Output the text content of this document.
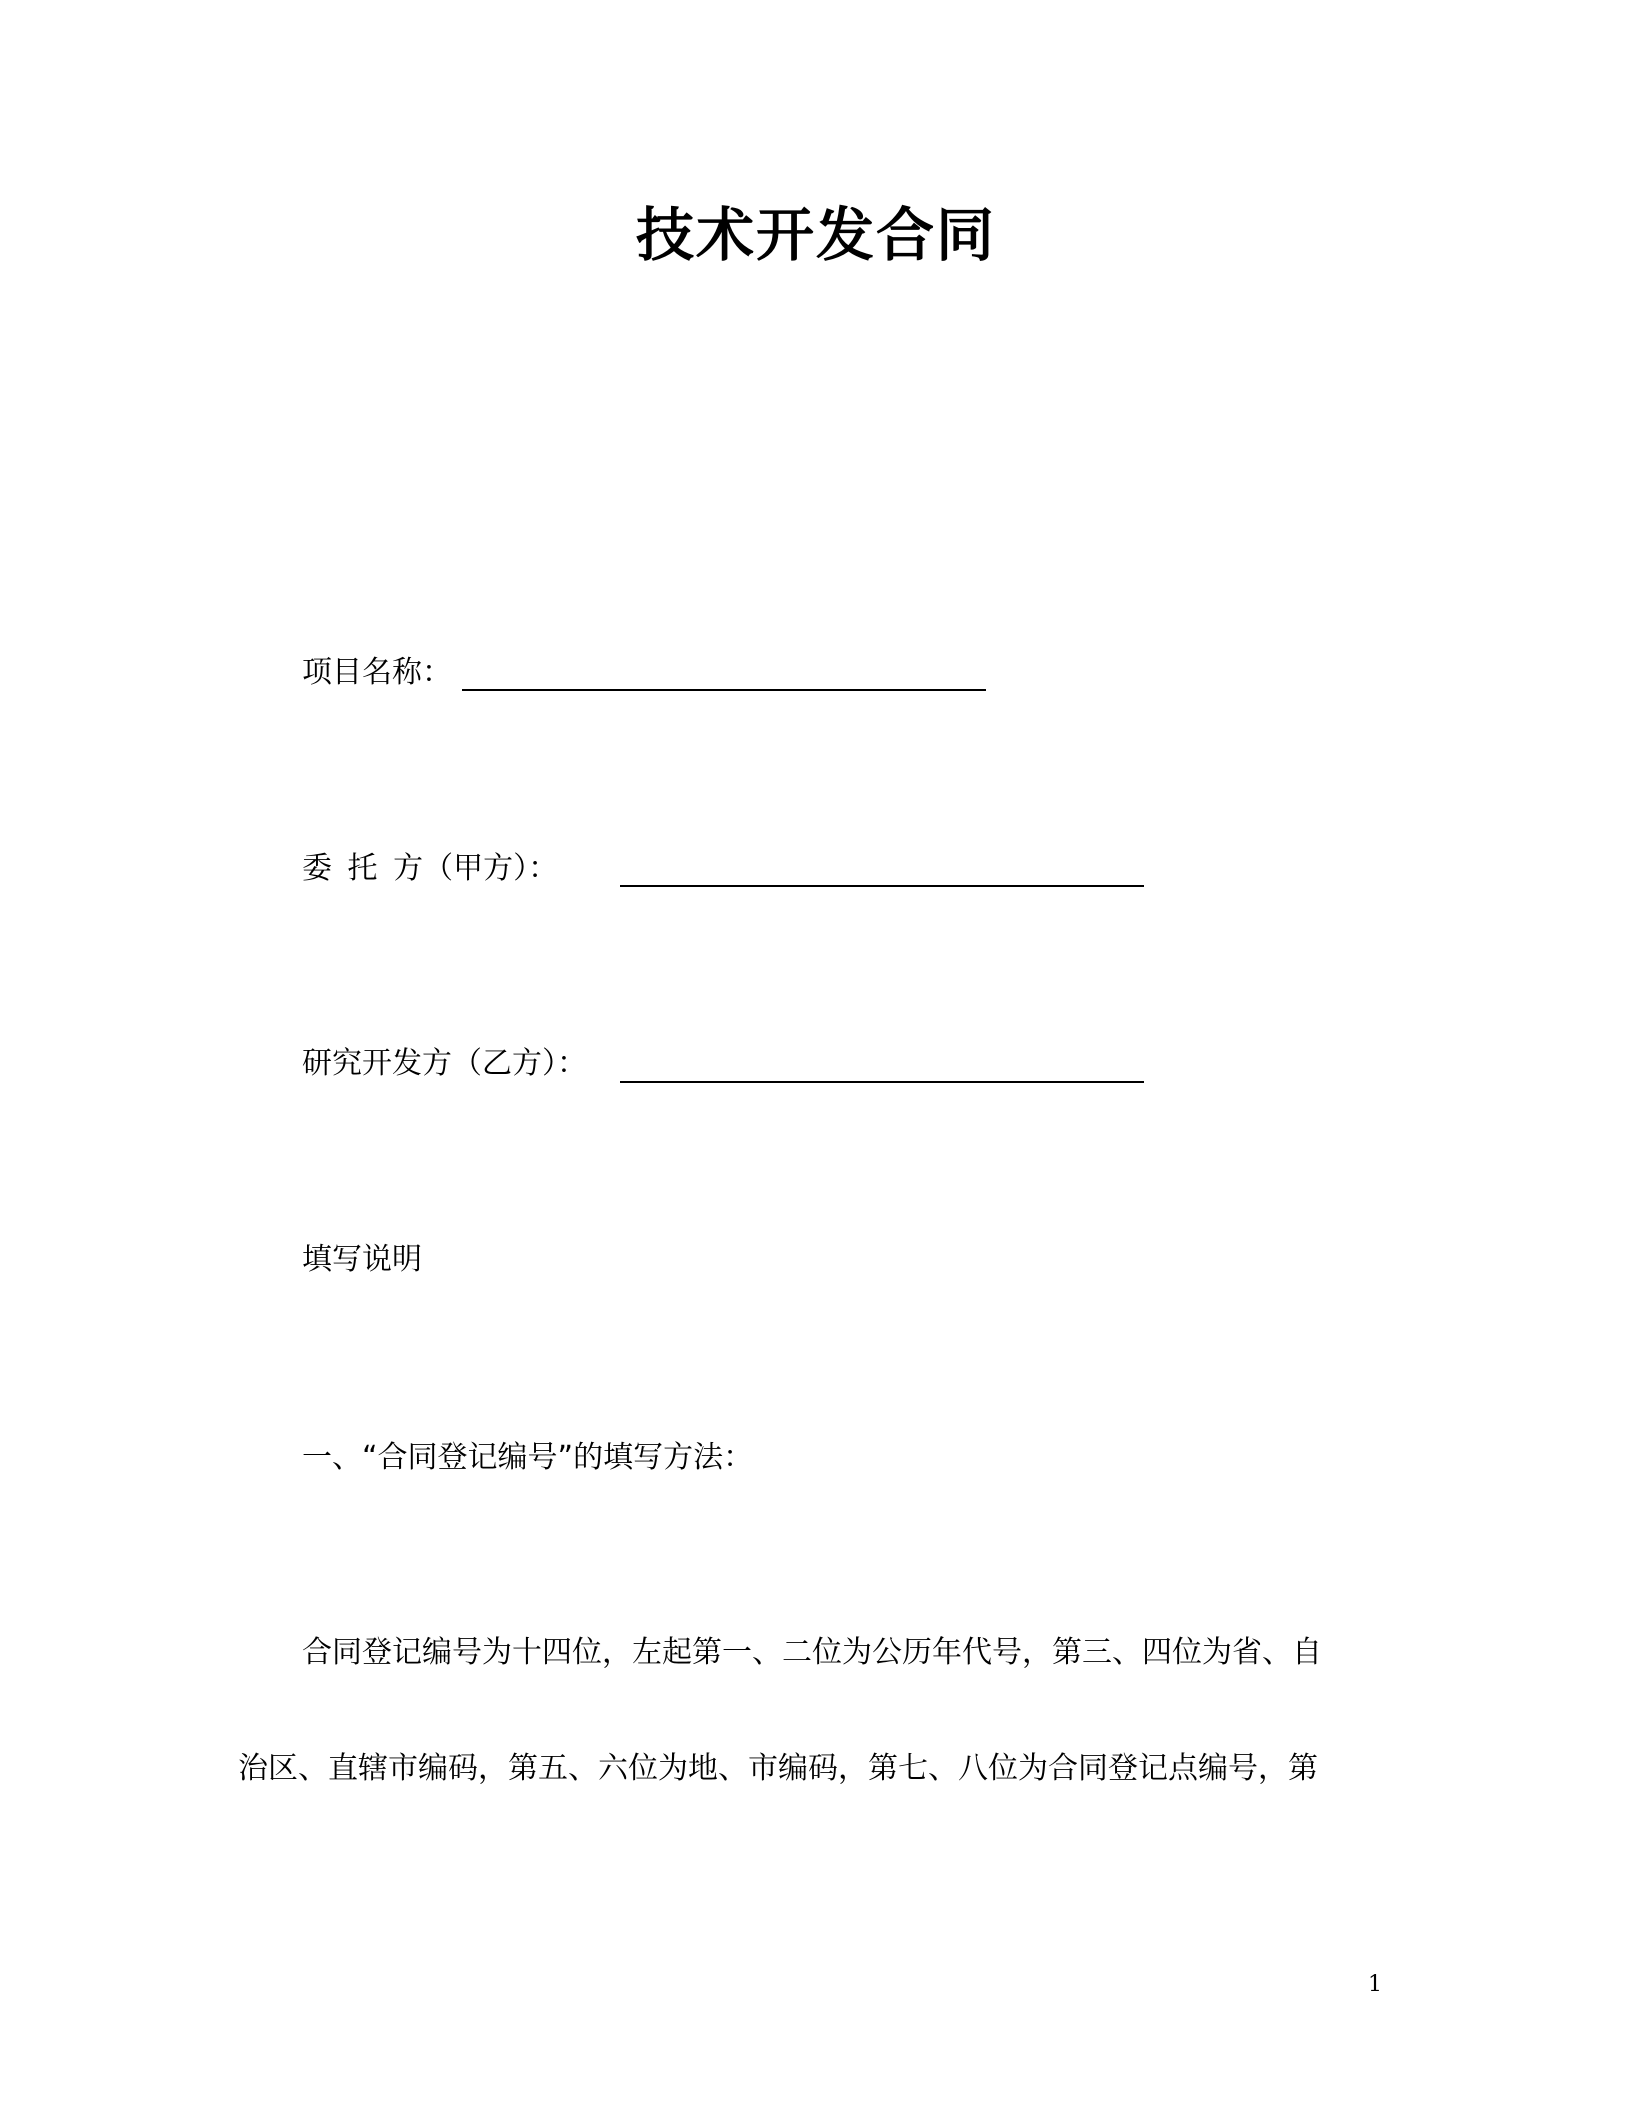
技术开发合同
项目名称：
委 托 方（甲方）：
研究开发方（乙方）：
填写说明
一、“合同登记编号”的填写方法：
合同登记编号为十四位，左起第一、二位为公历年代号，第三、四位为省、自
治区、直辖市编码，第五、六位为地、市编码，第七、八位为合同登记点编号，第
1
